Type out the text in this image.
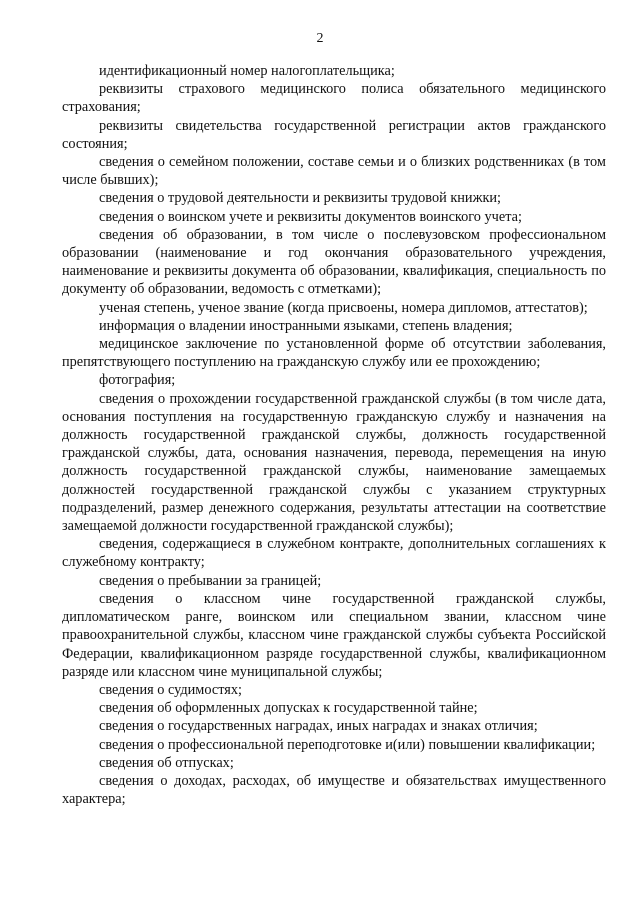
2

идентификационный номер налогоплательщика;

реквизиты страхового медицинского полиса обязательного медицинского страхования;

реквизиты свидетельства государственной регистрации актов гражданского состояния;

сведения о семейном положении, составе семьи и о близких родственниках (в том числе бывших);

сведения о трудовой деятельности и реквизиты трудовой книжки;

сведения о воинском учете и реквизиты документов воинского учета;

сведения об образовании, в том числе о послевузовском профессиональном образовании (наименование и год окончания образовательного учреждения, наименование и реквизиты документа об образовании, квалификация, специальность по документу об образовании, ведомость с отметками);

ученая степень, ученое звание (когда присвоены, номера дипломов, аттестатов);

информация о владении иностранными языками, степень владения;

медицинское заключение по установленной форме об отсутствии заболевания, препятствующего поступлению на гражданскую службу или ее прохождению;

фотография;

сведения о прохождении государственной гражданской службы (в том числе дата, основания поступления на государственную гражданскую службу и назначения на должность государственной гражданской службы, должность государственной гражданской службы, дата, основания назначения, перевода, перемещения на иную должность государственной гражданской службы, наименование замещаемых должностей государственной гражданской службы с указанием структурных подразделений, размер денежного содержания, результаты аттестации на соответствие замещаемой должности государственной гражданской службы);

сведения, содержащиеся в служебном контракте, дополнительных соглашениях к служебному контракту;

сведения о пребывании за границей;

сведения о классном чине государственной гражданской службы, дипломатическом ранге, воинском или специальном звании, классном чине правоохранительной службы, классном чине гражданской службы субъекта Российской Федерации, квалификационном разряде государственной службы, квалификационном разряде или классном чине муниципальной службы;

сведения о судимостях;

сведения об оформленных допусках к государственной тайне;

сведения о государственных наградах, иных наградах и знаках отличия;

сведения о профессиональной переподготовке и(или) повышении квалификации;

сведения об отпусках;

сведения о доходах, расходах, об имуществе и обязательствах имущественного характера;
